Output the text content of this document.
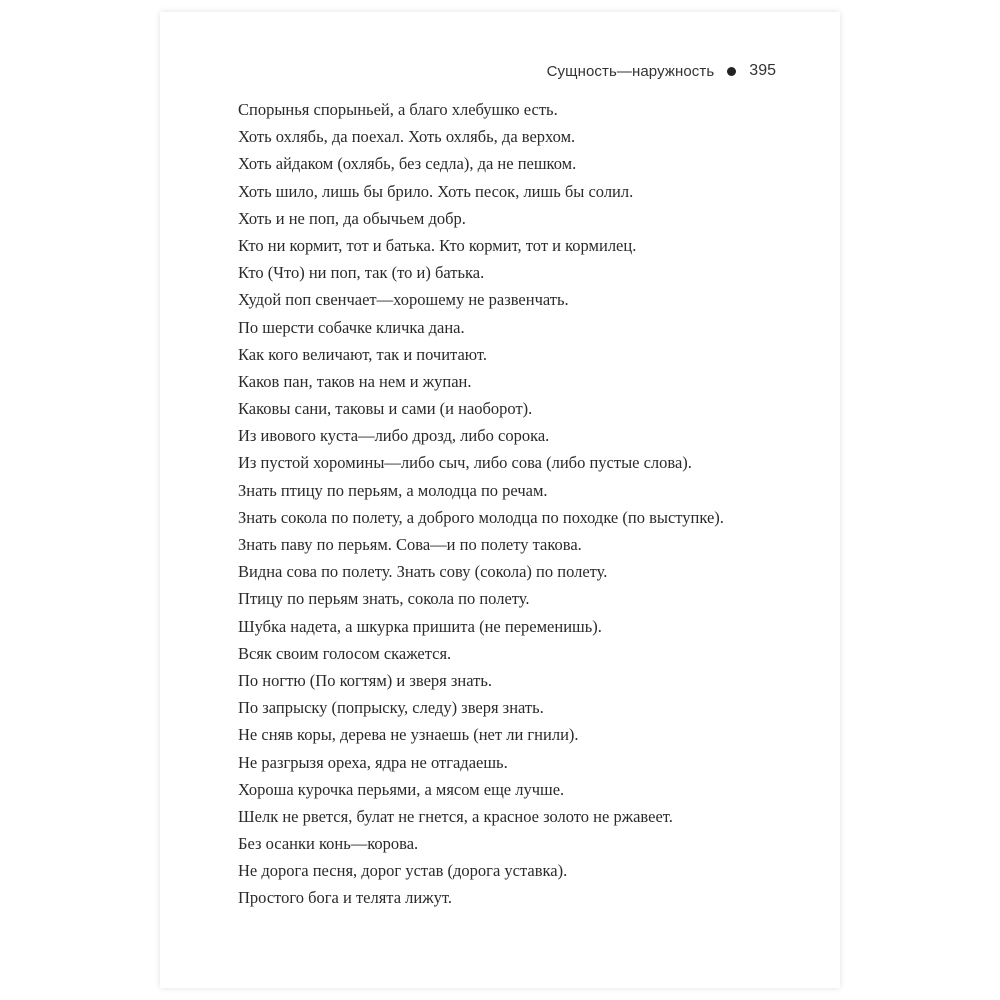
Сущность—наружность 395
Спорынья спорыньей, а благо хлебушко есть.
Хоть охлябь, да поехал. Хоть охлябь, да верхом.
Хоть айдаком (охлябь, без седла), да не пешком.
Хоть шило, лишь бы брило. Хоть песок, лишь бы солил.
Хоть и не поп, да обычьем добр.
Кто ни кормит, тот и батька. Кто кормит, тот и кормилец.
Кто (Что) ни поп, так (то и) батька.
Худой поп свенчает—хорошему не развенчать.
По шерсти собачке кличка дана.
Как кого величают, так и почитают.
Каков пан, таков на нем и жупан.
Каковы сани, таковы и сами (и наоборот).
Из ивового куста—либо дрозд, либо сорока.
Из пустой хоромины—либо сыч, либо сова (либо пустые слова).
Знать птицу по перьям, а молодца по речам.
Знать сокола по полету, а доброго молодца по походке (по выступке).
Знать паву по перьям. Сова—и по полету такова.
Видна сова по полету. Знать сову (сокола) по полету.
Птицу по перьям знать, сокола по полету.
Шубка надета, а шкурка пришита (не переменишь).
Всяк своим голосом скажется.
По ногтю (По когтям) и зверя знать.
По запрыску (попрыску, следу) зверя знать.
Не сняв коры, дерева не узнаешь (нет ли гнили).
Не разгрызя ореха, ядра не отгадаешь.
Хороша курочка перьями, а мясом еще лучше.
Шелк не рвется, булат не гнется, а красное золото не ржавеет.
Без осанки конь—корова.
Не дорога песня, дорог устав (дорога уставка).
Простого бога и телята лижут.
